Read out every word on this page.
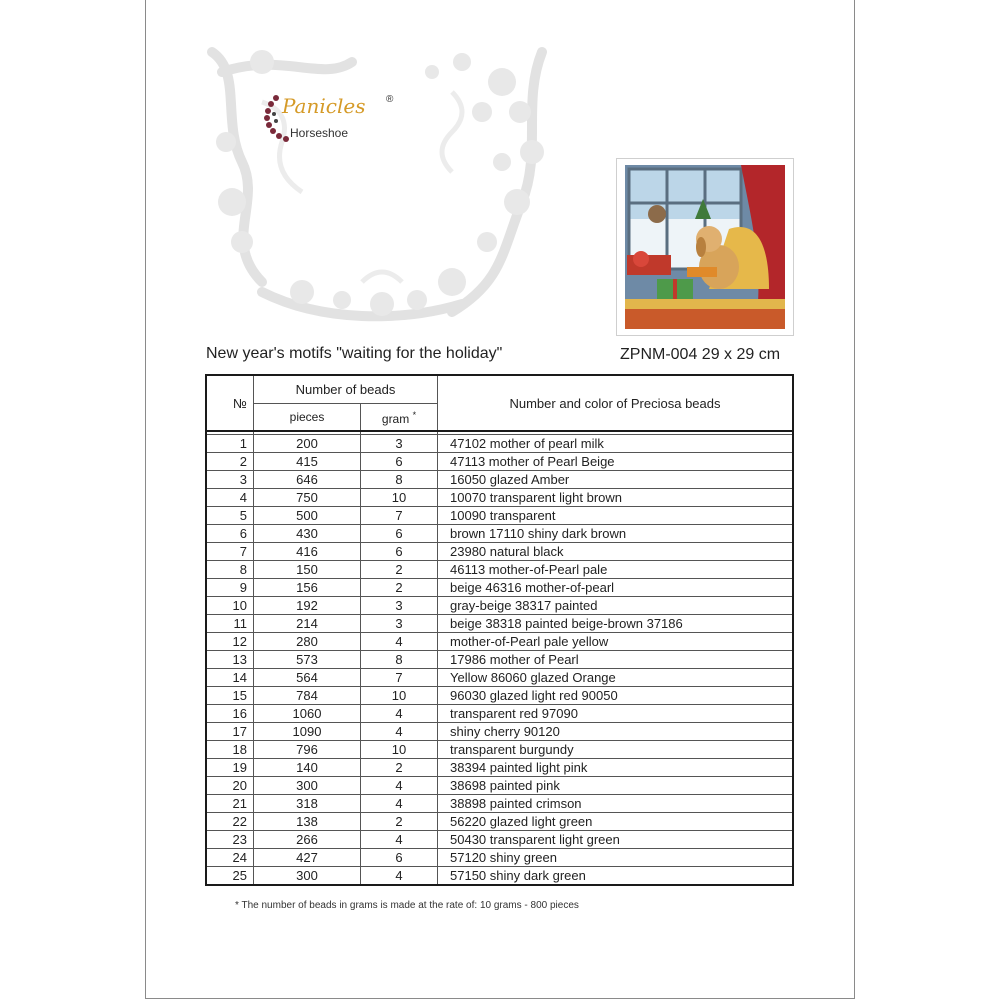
Panicles ®
Horseshoe
New year's motifs "waiting for the holiday"	ZPNM-004 29 x 29 cm
№	Number of beads		Number and color of Preciosa beads
	pieces	gram *

1	200	3	47102 mother of pearl milk
2	415	6	47113 mother of Pearl Beige
3	646	8	16050 glazed Amber
4	750	10	10070 transparent light brown
5	500	7	10090 transparent
6	430	6	brown 17110 shiny dark brown
7	416	6	23980 natural black
8	150	2	46113 mother-of-Pearl pale
9	156	2	beige 46316 mother-of-pearl
10	192	3	gray-beige 38317 painted
11	214	3	beige 38318 painted beige-brown 37186
12	280	4	mother-of-Pearl pale yellow
13	573	8	17986 mother of Pearl
14	564	7	Yellow 86060 glazed Orange
15	784	10	96030 glazed light red 90050
16	1060	4	transparent red 97090
17	1090	4	shiny cherry 90120
18	796	10	transparent burgundy
19	140	2	38394 painted light pink
20	300	4	38698 painted pink
21	318	4	38898 painted crimson
22	138	2	56220 glazed light green
23	266	4	50430 transparent light green
24	427	6	57120 shiny green
25	300	4	57150 shiny dark green
* The number of beads in grams is made at the rate of: 10 grams - 800 pieces
